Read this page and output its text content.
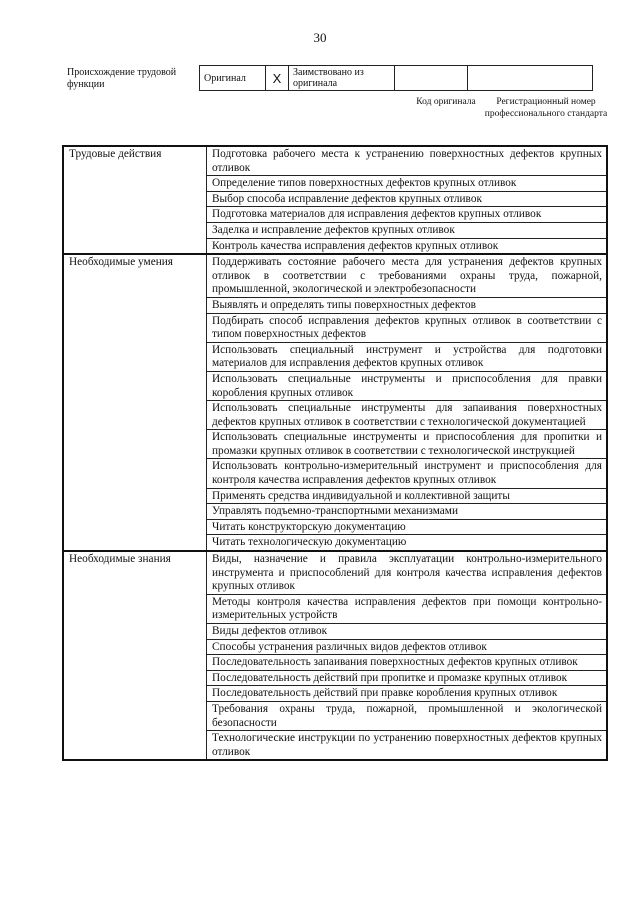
30
Происхождение трудовой функции
Оригинал	X	Заимствовано из оригинала		
Код оригинала	Регистрационный номер профессионального стандарта
Трудовые действия	Подготовка рабочего места к устранению поверхностных дефектов крупных отливок
	Определение типов поверхностных дефектов крупных отливок
	Выбор способа исправление дефектов крупных отливок
	Подготовка материалов для исправления дефектов крупных отливок
	Заделка и исправление дефектов крупных отливок
	Контроль качества исправления дефектов крупных отливок
Необходимые умения	Поддерживать состояние рабочего места для устранения дефектов крупных отливок в соответствии с требованиями охраны труда, пожарной, промышленной, экологической и электробезопасности
	Выявлять и определять типы поверхностных дефектов
	Подбирать способ исправления дефектов крупных отливок в соответствии с типом поверхностных дефектов
	Использовать специальный инструмент и устройства для подготовки материалов для исправления дефектов крупных отливок
	Использовать специальные инструменты и приспособления для правки коробления крупных отливок
	Использовать специальные инструменты для запаивания поверхностных дефектов крупных отливок в соответствии с технологической документацией
	Использовать специальные инструменты и приспособления для пропитки и промазки крупных отливок в соответствии с технологической инструкцией
	Использовать контрольно-измерительный инструмент и приспособления для контроля качества исправления дефектов крупных отливок
	Применять средства индивидуальной и коллективной защиты
	Управлять подъемно-транспортными механизмами
	Читать конструкторскую документацию
	Читать технологическую документацию
Необходимые знания	Виды, назначение и правила эксплуатации контрольно-измерительного инструмента и приспособлений для контроля качества исправления дефектов крупных отливок
	Методы контроля качества исправления дефектов при помощи контрольно-измерительных устройств
	Виды дефектов отливок
	Способы устранения различных видов дефектов отливок
	Последовательность запаивания поверхностных дефектов крупных отливок
	Последовательность действий при пропитке и промазке крупных отливок
	Последовательность действий при правке коробления крупных отливок
	Требования охраны труда, пожарной, промышленной и экологической безопасности
	Технологические инструкции по устранению поверхностных дефектов крупных отливок
